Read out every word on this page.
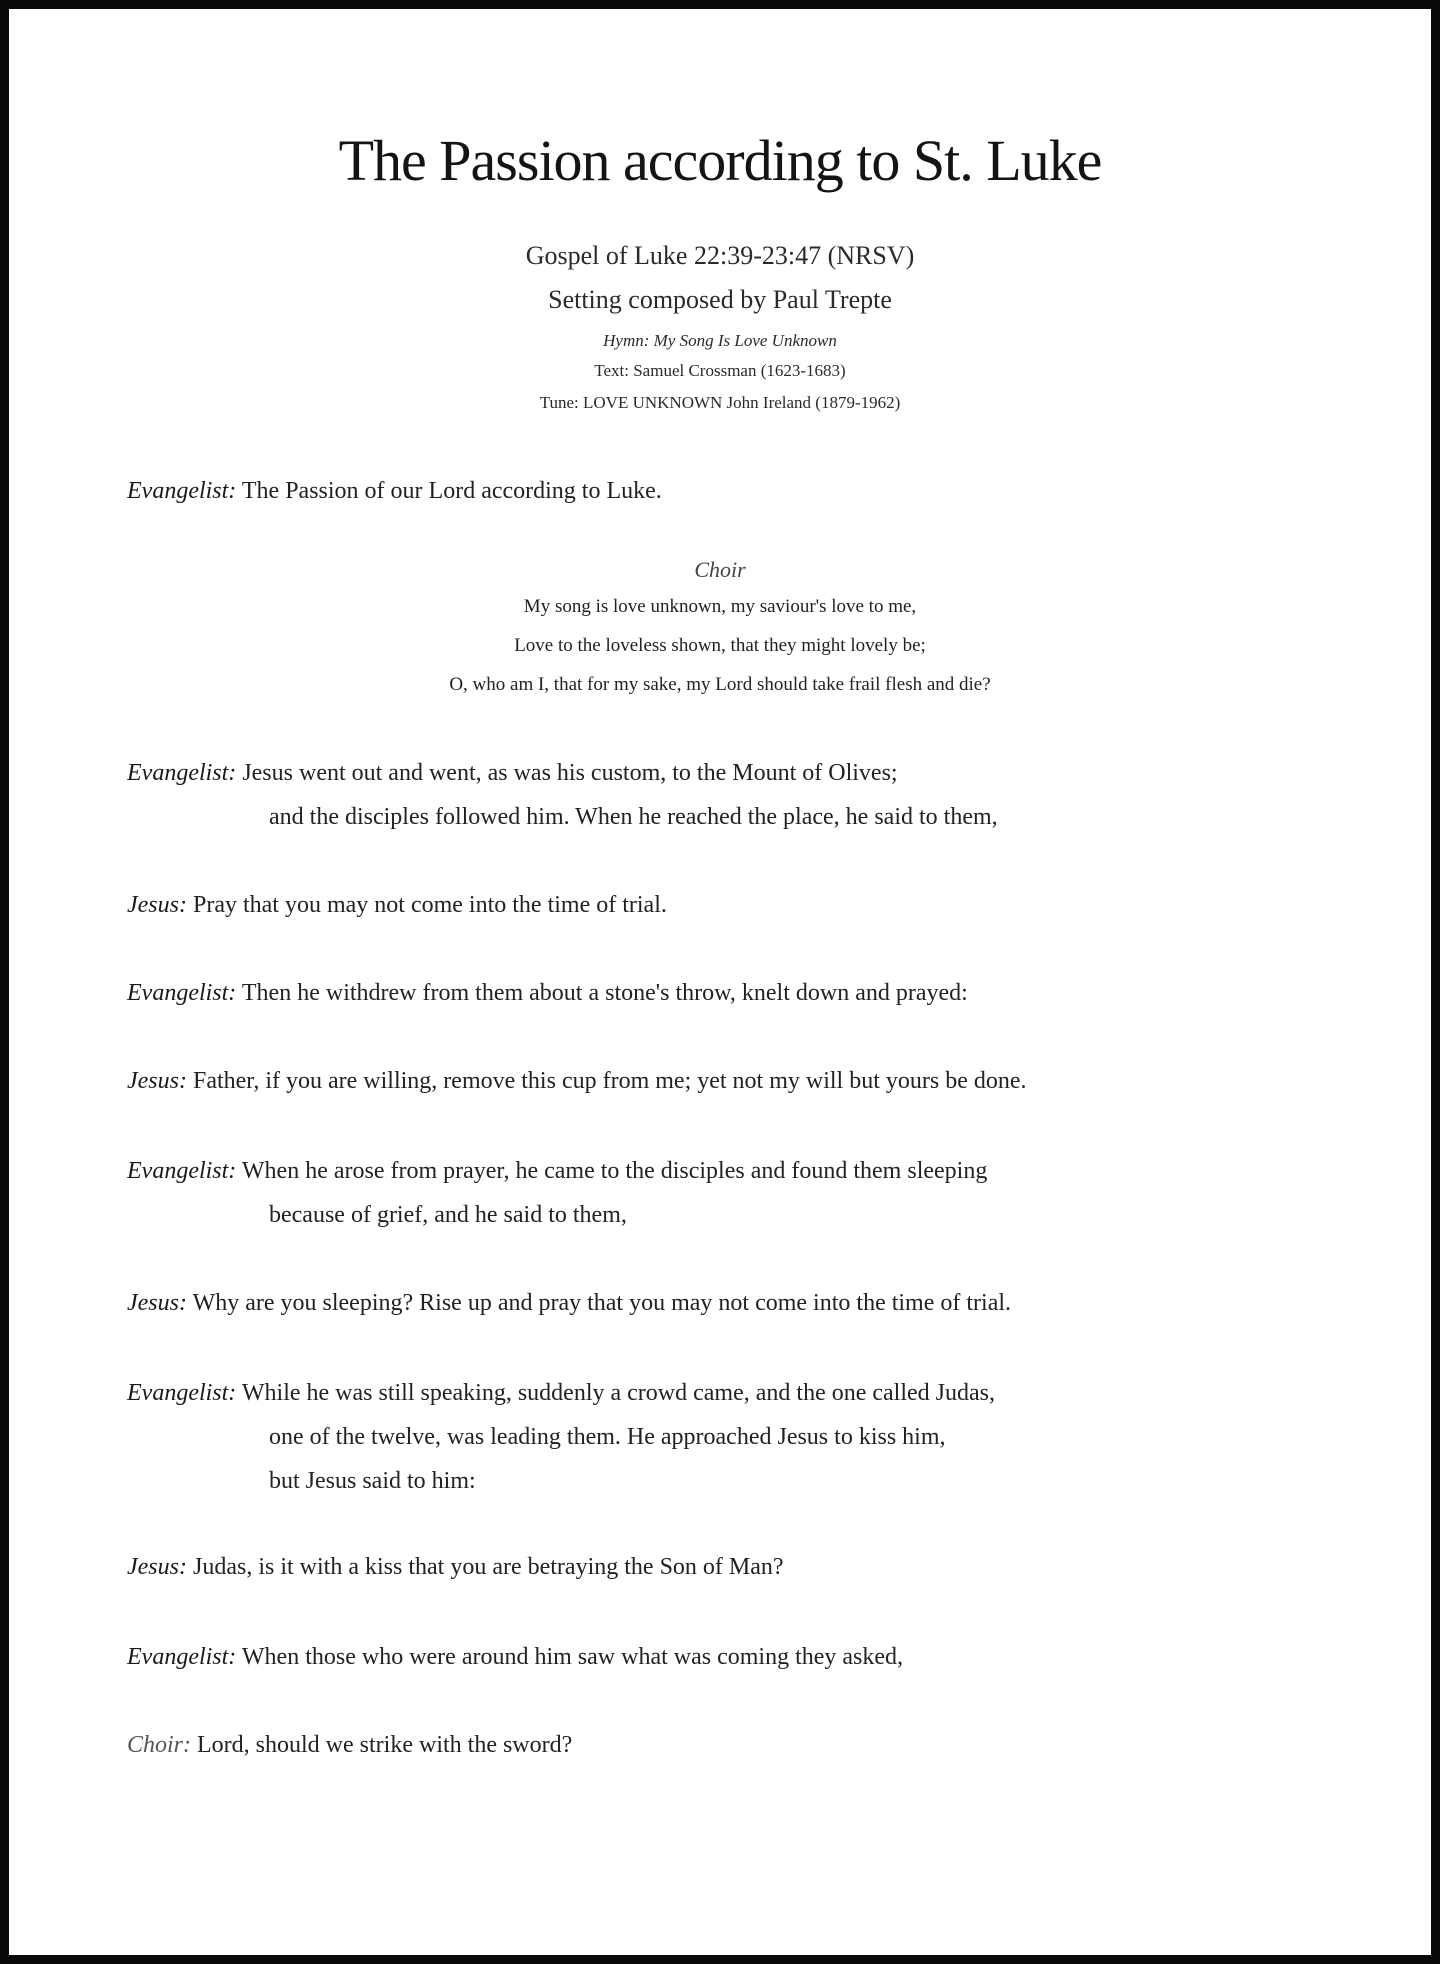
The Passion according to St. Luke
Gospel of Luke 22:39-23:47 (NRSV)
Setting composed by Paul Trepte
Hymn: My Song Is Love Unknown
Text: Samuel Crossman (1623-1683)
Tune: LOVE UNKNOWN John Ireland (1879-1962)
Evangelist: The Passion of our Lord according to Luke.
Choir
My song is love unknown, my saviour's love to me,
Love to the loveless shown, that they might lovely be;
O, who am I, that for my sake, my Lord should take frail flesh and die?
Evangelist: Jesus went out and went, as was his custom, to the Mount of Olives;
and the disciples followed him. When he reached the place, he said to them,
Jesus: Pray that you may not come into the time of trial.
Evangelist: Then he withdrew from them about a stone's throw, knelt down and prayed:
Jesus: Father, if you are willing, remove this cup from me; yet not my will but yours be done.
Evangelist: When he arose from prayer, he came to the disciples and found them sleeping
because of grief, and he said to them,
Jesus: Why are you sleeping? Rise up and pray that you may not come into the time of trial.
Evangelist: While he was still speaking, suddenly a crowd came, and the one called Judas,
one of the twelve, was leading them. He approached Jesus to kiss him,
but Jesus said to him:
Jesus: Judas, is it with a kiss that you are betraying the Son of Man?
Evangelist: When those who were around him saw what was coming they asked,
Choir: Lord, should we strike with the sword?
